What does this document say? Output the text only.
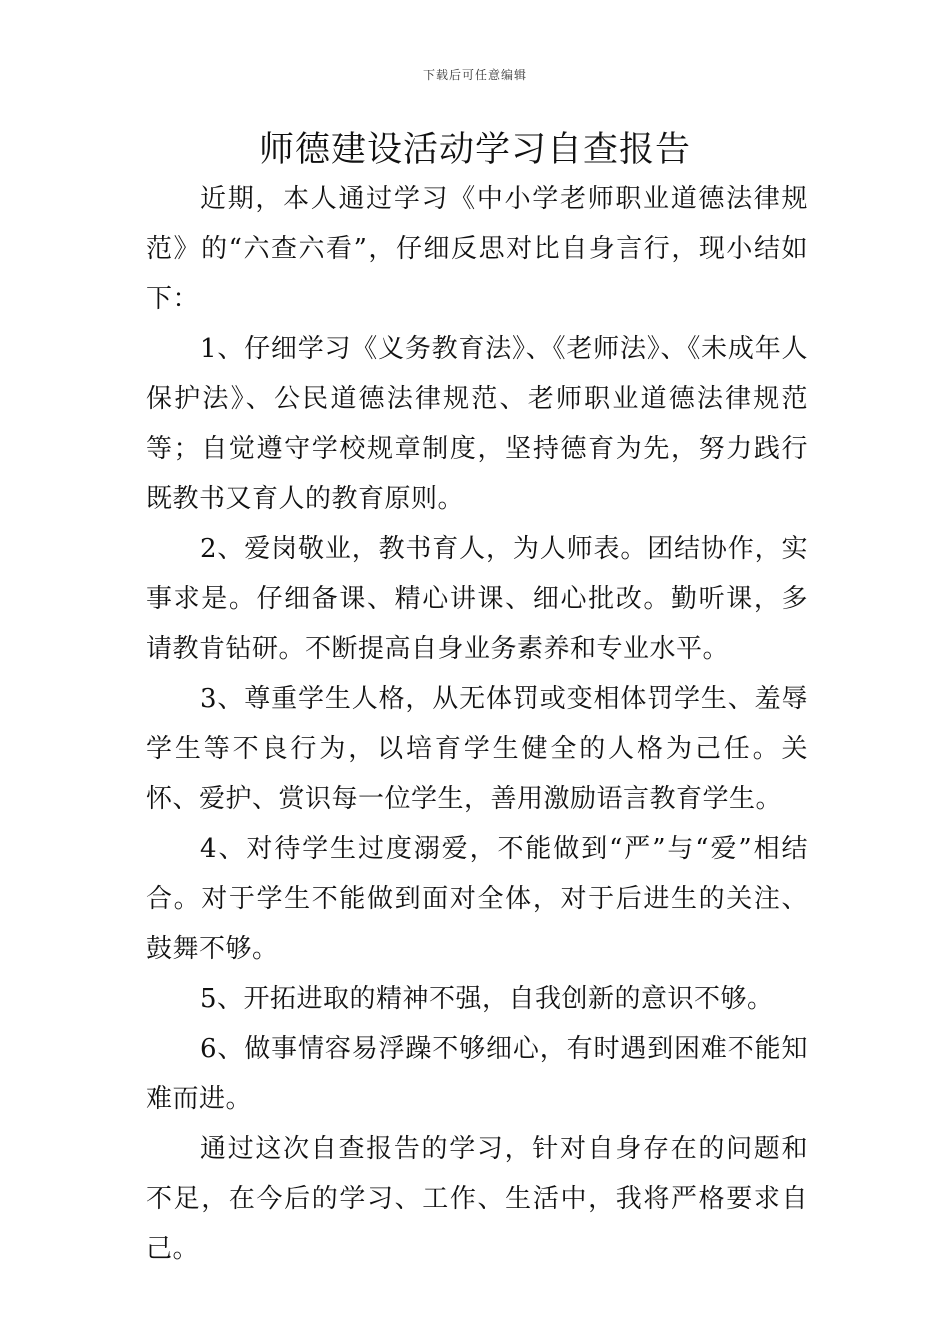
下载后可任意编辑
师德建设活动学习自查报告

近期，本人通过学习《中小学老师职业道德法律规范》的“六查六看”，仔细反思对比自身言行，现小结如下：

1、仔细学习《义务教育法》、《老师法》、《未成年人保护法》、公民道德法律规范、老师职业道德法律规范等；自觉遵守学校规章制度，坚持德育为先，努力践行既教书又育人的教育原则。

2、爱岗敬业，教书育人，为人师表。团结协作，实事求是。仔细备课、精心讲课、细心批改。勤听课，多请教肯钻研。不断提高自身业务素养和专业水平。

3、尊重学生人格，从无体罚或变相体罚学生、羞辱学生等不良行为，以培育学生健全的人格为己任。关怀、爱护、赏识每一位学生，善用激励语言教育学生。

4、对待学生过度溺爱，不能做到“严”与“爱”相结合。对于学生不能做到面对全体，对于后进生的关注、鼓舞不够。

5、开拓进取的精神不强，自我创新的意识不够。

6、做事情容易浮躁不够细心，有时遇到困难不能知难而进。

通过这次自查报告的学习，针对自身存在的问题和不足，在今后的学习、工作、生活中，我将严格要求自己。
